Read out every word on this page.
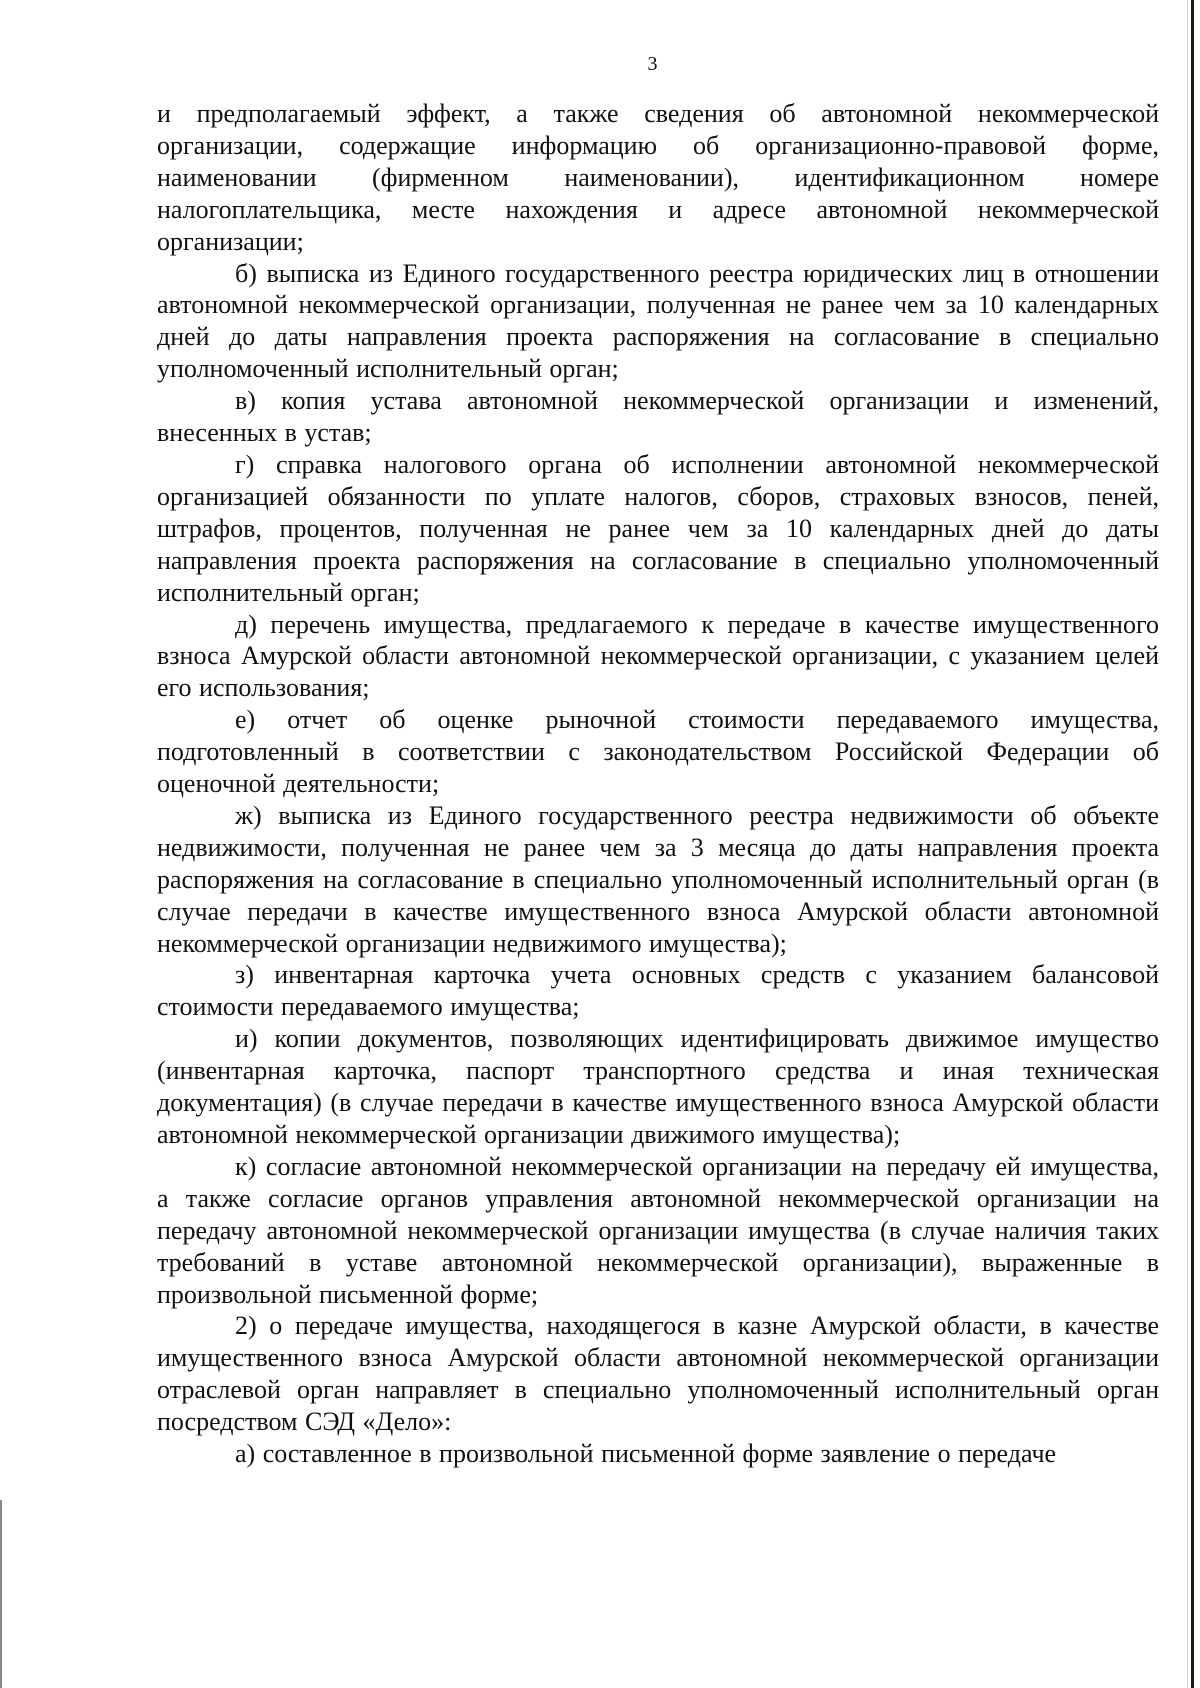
3

и предполагаемый эффект, а также сведения об автономной некоммерческой организации, содержащие информацию об организационно-правовой форме, наименовании (фирменном наименовании), идентификационном номере налогоплательщика, месте нахождения и адресе автономной некоммерческой организации;

б) выписка из Единого государственного реестра юридических лиц в отношении автономной некоммерческой организации, полученная не ранее чем за 10 календарных дней до даты направления проекта распоряжения на согласование в специально уполномоченный исполнительный орган;

в) копия устава автономной некоммерческой организации и изменений, внесенных в устав;

г) справка налогового органа об исполнении автономной некоммерческой организацией обязанности по уплате налогов, сборов, страховых взносов, пеней, штрафов, процентов, полученная не ранее чем за 10 календарных дней до даты направления проекта распоряжения на согласование в специально уполномоченный исполнительный орган;

д) перечень имущества, предлагаемого к передаче в качестве имущественного взноса Амурской области автономной некоммерческой организации, с указанием целей его использования;

е) отчет об оценке рыночной стоимости передаваемого имущества, подготовленный в соответствии с законодательством Российской Федерации об оценочной деятельности;

ж) выписка из Единого государственного реестра недвижимости об объекте недвижимости, полученная не ранее чем за 3 месяца до даты направления проекта распоряжения на согласование в специально уполномоченный исполнительный орган (в случае передачи в качестве имущественного взноса Амурской области автономной некоммерческой организации недвижимого имущества);

з) инвентарная карточка учета основных средств с указанием балансовой стоимости передаваемого имущества;

и) копии документов, позволяющих идентифицировать движимое имущество (инвентарная карточка, паспорт транспортного средства и иная техническая документация) (в случае передачи в качестве имущественного взноса Амурской области автономной некоммерческой организации движимого имущества);

к) согласие автономной некоммерческой организации на передачу ей имущества, а также согласие органов управления автономной некоммерческой организации на передачу автономной некоммерческой организации имущества (в случае наличия таких требований в уставе автономной некоммерческой организации), выраженные в произвольной письменной форме;

2) о передаче имущества, находящегося в казне Амурской области, в качестве имущественного взноса Амурской области автономной некоммерческой организации отраслевой орган направляет в специально уполномоченный исполнительный орган посредством СЭД «Дело»:

а) составленное в произвольной письменной форме заявление о передаче
